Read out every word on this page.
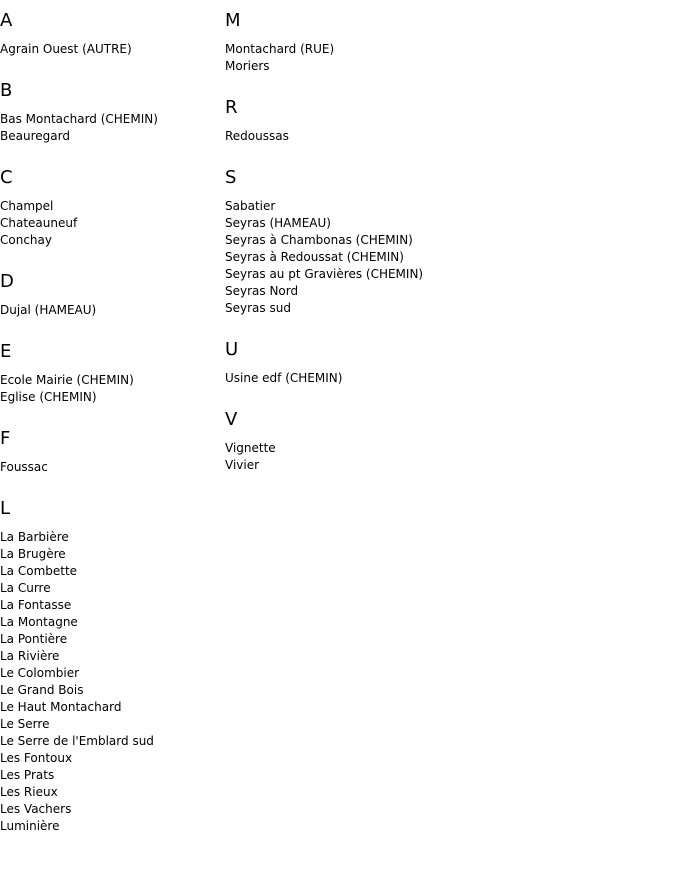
A
Agrain Ouest (AUTRE)
B
Bas Montachard (CHEMIN)
Beauregard
C
Champel
Chateauneuf
Conchay
D
Dujal (HAMEAU)
E
Ecole Mairie (CHEMIN)
Eglise (CHEMIN)
F
Foussac
L
La Barbière
La Brugère
La Combette
La Curre
La Fontasse
La Montagne
La Pontière
La Rivière
Le Colombier
Le Grand Bois
Le Haut Montachard
Le Serre
Le Serre de l'Emblard sud
Les Fontoux
Les Prats
Les Rieux
Les Vachers
Luminière
M
Montachard (RUE)
Moriers
R
Redoussas
S
Sabatier
Seyras (HAMEAU)
Seyras à Chambonas (CHEMIN)
Seyras à Redoussat (CHEMIN)
Seyras au pt Gravières (CHEMIN)
Seyras Nord
Seyras sud
U
Usine edf (CHEMIN)
V
Vignette
Vivier
